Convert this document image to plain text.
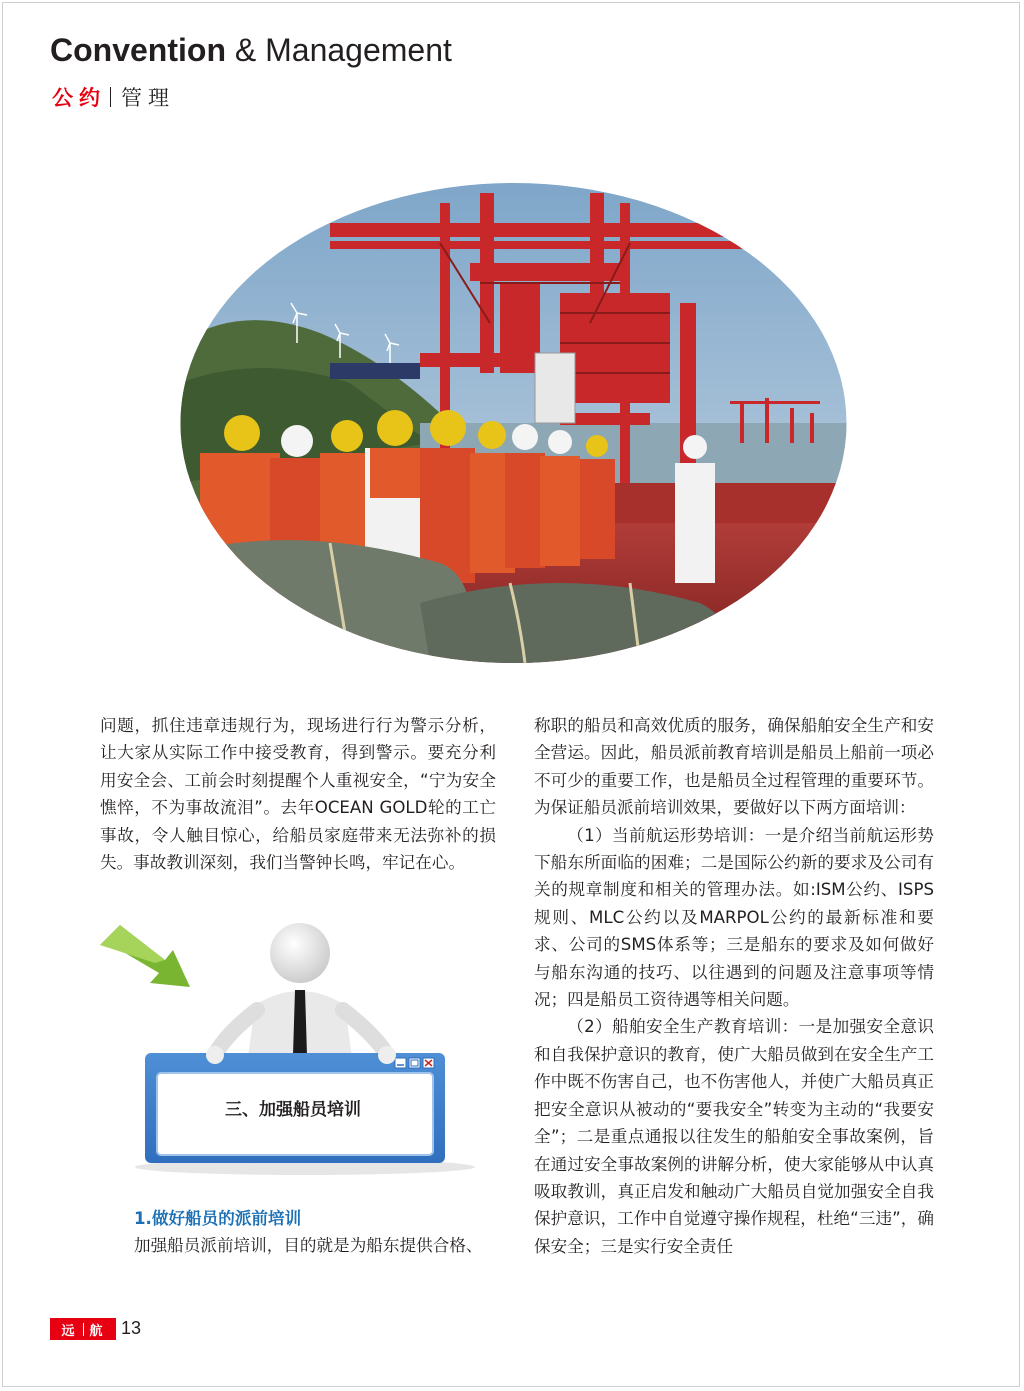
Convention & Management
公约 管理

问题，抓住违章违规行为，现场进行行为警示分析，让大家从实际工作中接受教育，得到警示。要充分利用安全会、工前会时刻提醒个人重视安全，“宁为安全憔悴，不为事故流泪”。去年OCEAN GOLD轮的工亡事故，令人触目惊心，给船员家庭带来无法弥补的损失。事故教训深刻，我们当警钟长鸣，牢记在心。

三、加强船员培训
1.做好船员的派前培训

加强船员派前培训，目的就是为船东提供合格、

称职的船员和高效优质的服务，确保船舶安全生产和安全营运。因此，船员派前教育培训是船员上船前一项必不可少的重要工作，也是船员全过程管理的重要环节。为保证船员派前培训效果，要做好以下两方面培训：

（1）当前航运形势培训：一是介绍当前航运形势下船东所面临的困难；二是国际公约新的要求及公司有关的规章制度和相关的管理办法。如:ISM公约、ISPS规则、MLC公约以及MARPOL公约的最新标准和要求、公司的SMS体系等；三是船东的要求及如何做好与船东沟通的技巧、以往遇到的问题及注意事项等情况；四是船员工资待遇等相关问题。

（2）船舶安全生产教育培训：一是加强安全意识和自我保护意识的教育，使广大船员做到在安全生产工作中既不伤害自己，也不伤害他人，并使广大船员真正把安全意识从被动的“要我安全”转变为主动的“我要安全”；二是重点通报以往发生的船舶安全事故案例，旨在通过安全事故案例的讲解分析，使大家能够从中认真吸取教训，真正启发和触动广大船员自觉加强安全自我保护意识，工作中自觉遵守操作规程，杜绝“三违”，确保安全；三是实行安全责任

远 航 13
